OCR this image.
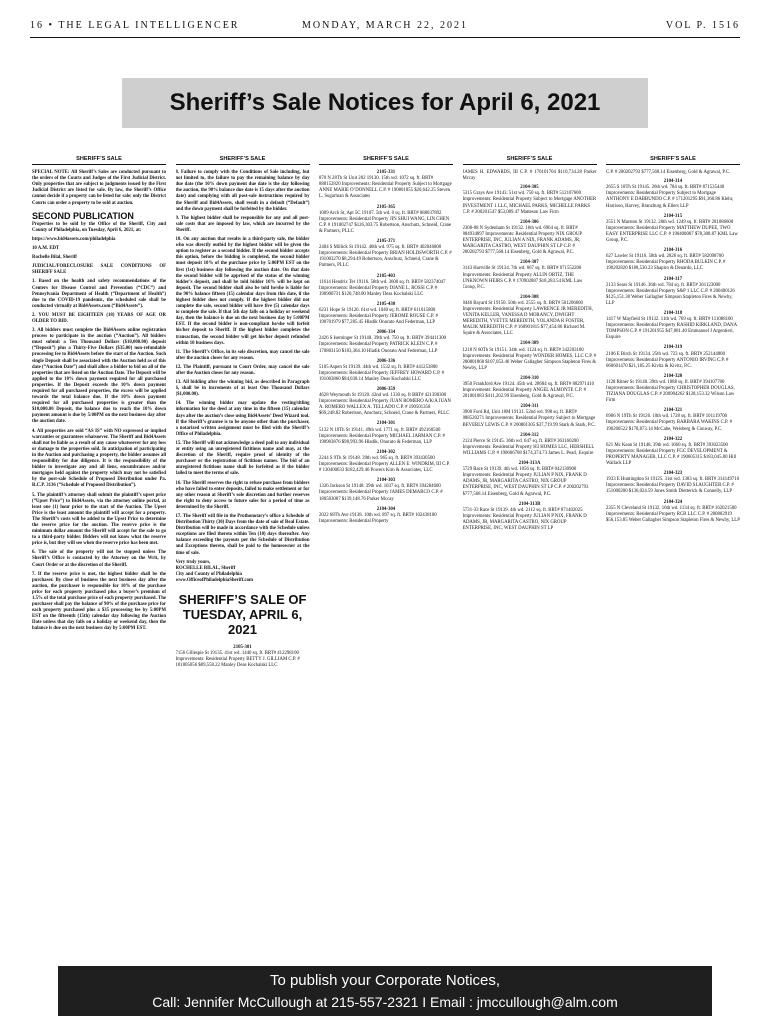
16 • THE LEGAL INTELLIGENCER	MONDAY, MARCH 22, 2021	VOL P. 1516
Sheriff’s Sale Notices for April 6, 2021
SHERIFF’S SALE

SPECIAL NOTE: All Sheriff’s Sales are conducted pursuant to the orders of the Courts and Judges of the First Judicial District. Only properties that are subject to judgments issued by the First Judicial District are listed for sale. By law, the Sheriff’s Office cannot decide if a property can be listed for sale; only the District Courts can order a property to be sold at auction.

SECOND PUBLICATION

Properties to be sold by the Office of the Sheriff, City and County of Philadelphia, on Tuesday, April 6, 2021, at:

https://www.bid4assets.com/philadelphia

10 A.M. EDT

Rochelle Bilal, Sheriff

JUDICIAL/FORECLOSURE SALE CONDITIONS OF SHERIFF SALE

1. Based on the health and safety recommendations of the Centers for Disease Control and Prevention (“CDC”) and Pennsylvania Department of Health (“Department of Health”) due to the COVID-19 pandemic, the scheduled sale shall be conducted virtually at Bid4Assets.com (“Bid4Assets”).

2. YOU MUST BE EIGHTEEN (18) YEARS OF AGE OR OLDER TO BID.

3. All bidders must complete the Bid4Assets online registration process to participate in the auction (“Auction”). All bidders must submit a Ten Thousand Dollars ($10,000.00) deposit (“Deposit”) plus a Thirty-Five Dollars ($35.00) non-refundable processing fee to Bid4Assets before the start of the Auction. Such single Deposit shall be associated with the Auction held as of this date (“Auction Date”) and shall allow a bidder to bid on all of the properties that are listed on the Auction Date. The Deposit will be applied to the 10% down payment required for all purchased properties. If the Deposit exceeds the 10% down payment required for all purchased properties, the excess will be applied towards the total balance due. If the 10% down payment required for all purchased properties is greater than the $10,000.00 Deposit, the balance due to reach the 10% down payment amount is due by 5:00PM on the next business day after the auction date.

4. All properties are sold “AS IS” with NO expressed or implied warranties or guarantees whatsoever. The Sheriff and Bid4Assets shall not be liable as a result of any cause whatsoever for any loss or damage to the properties sold. In anticipation of participating in the Auction and purchasing a property, the bidder assumes all responsibility for due diligence. It is the responsibility of the bidder to investigate any and all liens, encumbrances and/or mortgages held against the property which may not be satisfied by the post-sale Schedule of Proposed Distribution under Pa. R.C.P. 3136 (“Schedule of Proposed Distribution”).

5. The plaintiff’s attorney shall submit the plaintiff’s upset price (“Upset Price”) to Bid4Assets, via the attorney online portal, at least one (1) hour prior to the start of the Auction. The Upset Price is the least amount the plaintiff will accept for a property. The Sheriff’s costs will be added to the Upset Price to determine the reserve price for the auction. The reserve price is the minimum dollar amount the Sheriff will accept for the sale to go to a third-party bidder. Bidders will not know what the reserve price is, but they will see when the reserve price has been met.

6. The sale of the property will not be stopped unless The Sheriff’s Office is contacted by the Attorney on the Writ, by Court Order or at the discretion of the Sheriff.

7. If the reserve price is met, the highest bidder shall be the purchaser. By close of business the next business day after the auction, the purchaser is responsible for 10% of the purchase price for each property purchased plus a buyer’s premium of 1.5% of the total purchase price of each property purchased. The purchaser shall pay the balance of 90% of the purchase price for each property purchased plus a $35 processing fee by 5:00PM EST on the fifteenth (15th) calendar day following the Auction Date unless that day falls on a holiday or weekend day, then the balance is due on the next business day by 5:00PM EST.

SHERIFF’S SALE

8. Failure to comply with the Conditions of Sale including, but not limited to, the failure to pay the remaining balance by day due date (the 10% down payment due date is the day following the auction, the 90% balance due date is 15 days after the auction date) and complying with all post-sale instructions required by the Sheriff and Bid4Assets, shall result in a default (“Default”) and the down payment shall be forfeited by the bidder.

9. The highest bidder shall be responsible for any and all post-sale costs that are imposed by law, which are incurred by the Sheriff.

10. On any auction that results in a third-party sale, the bidder who was directly outbid by the highest bidder will be given the option to register as a second bidder. If the second bidder accepts this option, before the bidding is completed, the second bidder must deposit 10% of the purchase price by 5:00PM EST on the first (1st) business day following the auction date. On that date the second bidder will be apprised of the status of the winning bidder’s deposit, and shall be told bidder 10% will be kept on deposit. The second bidder shall also be told he/she is liable for the 90% balance fifteen (15) calendar days from this date, if the highest bidder does not comply. If the highest bidder did not complete the sale, second bidder will have five (5) calendar days to complete the sale. If that 5th day falls on a holiday or weekend day, then the balance is due on the next business day by 5:00PM EST. If the second bidder is non-compliant he/she will forfeit his/her deposit to Sheriff. If the highest bidder completes the transaction, the second bidder will get his/her deposit refunded within 10 business days.

11. The Sheriff’s Office, in its sole discretion, may cancel the sale after the auction closes for any reason.

12. The Plaintiff, pursuant to Court Order, may cancel the sale after the Auction closes for any reason.

13. All bidding after the winning bid, as described in Paragraph 6, shall be in increments of at least One Thousand Dollars ($1,000.00).

14. The winning bidder may update the vesting/titling information for the deed at any time in the fifteen (15) calendar days after the auction’s close using Bid4Assets’ Deed Wizard tool. If the Sheriff’s grantee is to be anyone other than the purchaser, a notarized written assignment must be filed with the Sheriff’s Office of Philadelphia.

15. The Sheriff will not acknowledge a deed poll to any individual or entity using an unregistered fictitious name and may, at the discretion of the Sheriff, require proof of identity of the purchaser or the registration of fictitious names. The bid of an unregistered fictitious name shall be forfeited as if the bidder failed to meet the terms of sale.

16. The Sheriff reserves the right to refuse purchase from bidders who have failed to enter deposits, failed to make settlement or for any other reason at Sheriff’s sole discretion and further reserves the right to deny access to future sales for a period of time as determined by the Sheriff.

17. The Sheriff will file in the Prothonotary’s office a Schedule of Distribution Thirty (30) Days from the date of sale of Real Estate. Distribution will be made in accordance with the Schedule unless exceptions are filed thereto within Ten (10) days thereafter. Any balance exceeding the payouts per the Schedule of Distribution and Exceptions thereto, shall be paid to the homeowner at the time of sale.

Very truly yours,

ROCHELLE BILAL, Sheriff

City and County of Philadelphia

www.OfficeofPhiladelphiaSheriff.com

SHERIFF’S SALE OF TUESDAY, APRIL 6, 2021
2105-301
7156 Gillespie St 19135. 41st wd. 1440 sq. ft. BRT# 412298100 Improvements: Residential Property BETTY J. GILLIAM C.P. # 181005056 $89,558.22 Manley Deas Kochalski LLC
SHERIFF’S SALE
2105-331
870 N 28Th St Unit 202 19130. 15th wd. 1072 sq. ft. BRT# 888152820 Improvements: Residential Property Subject to Mortgage ANNE MARIE O’DONNELL C.P. # 190801855 $20,642.25 Steven L. Sugarman & Associates
2105-365
1009 Arch St, Apt 5C 19107. 5th wd. 0 sq. ft. BRT# 888037892 Improvements: Residential Property JIN SHUI WANG, LIN CHEN C.P. # 191002747 $126,303.75 Robertson, Anschutz, Schneid, Crane & Partners, PLLC
2105-371
2404 S Millick St 19142. 40th wd. 975 sq. ft. BRT# 402046800 Improvements: Residential Property BRIAN HOLDSWORTH C.P. # 191003270 $8,294.49 Robertson, Anschutz, Schneid, Crane & Partners, PLLC
2105-403
11614 Hendrix Ter 19116. 58th wd. 3600 sq. ft. BRT# 582374047 Improvements: Residential Property DIANE L. ROSSI C.P. # 190900731 $120,748.00 Manley Deas Kochalski LLC
2105-430
6231 Hope St 19120. 61st wd. 1040 sq. ft. BRT# 611015800 Improvements: Residential Property JEROME ROUSE C.P. # 190701979 $77,285.45 Hladik Onorato And Federman, LLP
2006-334
2426 S Iseminger St 19148. 39th wd. 750 sq. ft. BRT# 394411300 Improvements: Residential Property PATRICK KLEIN C.P. # 170803150 $183,364.10 Hladik Onorato And Federman, LLP
2006-336
5105 Aspen St 19139. 44th wd. 1532 sq. ft. BRT# 441253800 Improvements: Residential Property JEFFREY HOWARD C.P. # 191003860 $84,038.14 Manley Deas Kochalski LLC
2006-359
4628 Weymouth St 19120. 42nd wd. 1330 sq. ft BRT# 421390300 Improvements: Residential Property JUAN ROMERO A/K/A JUAN A. ROMERO WALLEX A. TELLADO C.P. # 190501358 $69,248.82 Robertson, Anschutz, Schneid, Crane & Partners, PLLC
2104-301
5132 N 10Th St 19141. 49th wd. 1771 sq. ft. BRT# 492160500 Improvements: Residential Property MICHAEL JARMAN C.P. # 190903876 $98,993.96 Hladik, Onorato & Federman, LLP
2104-302
2244 S 9Th St 19148. 39th wd. 965 sq. ft. BRT# 393430500 Improvements: Residential Property ALLEN E. WINDRIM, III C.P. # 130400633 $182,429.46 Powers Kirn & Associates, LLC
2104-303
1336 Jackson St 19148. 39th wd. 1037 sq. ft. BRT# 394284600 Improvements: Residential Property JAMES DEMARCO C.P. # 180503087 $139,148.76 Parker Mccay
2104-304
2022 68Th Ave 19138. 10th wd. 897 sq. ft. BRT# 102438100 Improvements: Residential Property
SHERIFF’S SALE

JAMES H. EDWARDS, III C.P. # 170101704 $110,734.28 Parker Mccay

2104-305
5315 Grays Ave 19143. 51st wd. 750 sq. ft. BRT# 512107600 Improvements: Residential Property Subject to Mortgage ANOTHER INVESTMENT 1 LLC, MICHAEL PARKS, MICHELLE PARKS C.P. # 200201547 $53,089.47 Matteson Law Firm
2104-306
2300-08 N Sydenham St 19132. 16th wd. 6964 sq. ft. BRT# 884934897 Improvements: Residential Property NIX GROUP ENTERPRISE, INC, JULIAN A NIX, FRANK ADAMS, JR, MARGARITA CASTRO, WEST DAUPHIN ST LP C.P. # 200202793 $777,568.14 Eisenberg, Gold & Agrawal, P.C.
2104-307
3143 Hartville St 19134. 7th wd. 667 sq. ft. BRT# 071552200 Improvements: Residential Property ALLIN ORTIZ, THE UNKNOWN HEIRS C.P. # 170902887 $18,283.54 KML Law Group, P.C.
2104-308
8446 Bayard St 19150. 50th wd. 2555 sq. ft. BRT# 501206600 Improvements: Residential Property LAWRENCE JR MEREDITH, VENITA KELLER, VANESSA D MORANCY, DWIGHT MEREDITH, YVETTE MEREDITH, YOLANDA R FOSTER, MALIK MEREDITH C.P. # 160901815 $77,454.86 Richard M. Squire & Associates, LLC
2104-309
1218 N 60Th St 19151. 34th wd. 1124 sq. ft. BRT# 342203100 Improvements: Residential Property WONDER HOMES, LLC C.P. # 200801868 $107,053.46 Weber Gallagher Simpson Stapleton Fires & Newby, LLP
2104-310
3950 Frankford Ave 19124. 45th wd. 28684 sq. ft. BRT# 882971410 Improvements: Residential Property ANGEL ALMONTE C.P. # 201001083 $411,202.99 Eisenberg, Gold & Agrawal, P.C.
2104-311
3900 Ford Rd, Unit 18M 19131. 52nd wd. 998 sq. ft. BRT# 888520271 Improvements: Residential Property Subject to Mortgage BEVERLY LEWIS C.P. # 200801305 $37,719.99 Stark & Stark, P.C.
2104-312
2124 Pierce St 19145. 36th wd. 647 sq. ft. BRT# 363160200 Improvements: Residential Property H3 HOMES LLC, HERSHELL WILLIAMS C.P. # 190606708 $174,374.73 James L. Pearl, Esquire
2104-313A
5729 Race St 19139. 4th wd. 1056 sq. ft. BRT# 042130900 Improvements: Residential Property JULIAN P NIX, FRANK D ADAMS, JR, MARGARITA CASTRO, NIX GROUP ENTERPRISE, INC, WEST DAUPHIN ST LP C.P. # 200202793 $777,568.14 Eisenberg, Gold & Agrawal, P.C.
2104-313B
5731-33 Race St 19139. 4th wd. 2112 sq. ft. BRT# 871402025 Improvements: Residential Property JULIAN P NIX, FRANK D ADAMS, JR, MARGARITA CASTRO, NIX GROUP ENTERPRISE, INC, WEST DAUPHIN ST LP
SHERIFF’S SALE

C.P. # 200202793 $777,568.14 Eisenberg, Gold & Agrawal, P.C.

2104-314
2655 S 18Th St 19145. 26th wd. 784 sq. ft. BRT# 871535440 Improvements: Residential Property Subject to Mortgage ANTHONY E DABBUNDO C.P. # 171201295 $91,360.86 Klehr, Harrison, Harvey, Branzburg & Ellers LLP
2104-315
2551 N Marston St 19132. 28th wd. 1249 sq. ft. BRT# 281086600 Improvements: Residential Property MATTHEW DUPEE, TWO EASY ENTERPRISE LLC C.P. # 190400007 $78,308.87 KML Law Group, P.C.
2104-316
627 Lawler St 19116. 58th wd. 2826 sq. ft. BRT# 582098700 Improvements: Residential Property RHODA BULKIN C.P. # 190202820 $188,530.23 Shapiro & Denardo, LLC
2104-317
2133 Sears St 19146. 36th wd. 784 sq. ft. BRT# 361123000 Improvements: Residential Property S&P 1 LLC C.P. # 200400126 $125,151.38 Weber Gallagher Simpson Stapleton Fires & Newby, LLP
2104-318
1417 W Mayfield St 19132. 11th wd. 769 sq. ft. BRT# 111088100 Improvements: Residential Property RASHID KIRKLAND, DANA TOMPSON C.P. # 191201955 $47,081.40 Emmanuel J Argentieri, Esquire
2104-319
2106 E Birch St 19134. 25th wd. 723 sq. ft. BRT# 252144800 Improvements: Residential Property ANTONIO IRVING C.P. # 060601470 $21,185.25 Kivitz & Kivitz, P.C.
2104-320
1128 Ritner St 19148. 39th wd. 1088 sq. ft. BRT# 394107700 Improvements: Residential Property CHRISTOPHER DOUGLAS, TIZIANA DOUGLAS C.P. # 200904262 $128,153.32 Wilson Law Firm
2104-321
6906 N 19Th St 19126. 10th wd. 1728 sq. ft. BRT# 101119700 Improvements: Residential Property BARBARA WAKINS C.P. # 190200522 $178,873.14 McCabe, Weisberg & Conway, P.C.
2104-322
621 Mc Kean St 19148. 39th wd. 1660 sq. ft. BRT# 393023500 Improvements: Residential Property FGC DEVELOPMENT & PROPERTY MANAGER, LLC C.P. # 190605315 $183,045.80 Hill Wallack LLP
2104-323
1933 E Huntingdon St 19125. 31st wd. 1383 sq. ft. BRT# 314149710 Improvements: Residential Property DAVID SLAUGHTER C.P. # 151000200 $136,024.59 Jones Smith Dietterick & Connelly, LLP
2104-324
2355 N Cleveland St 19132. 16th wd. 1134 sq. ft. BRT# 162021500 Improvements: Residential Property RCB LLC C.P. # 200802919 $56,153.85 Weber Gallagher Simpson Stapleton Fires & Newby, LLP
To publish your Corporate Notices,
Call: Jennifer McCullough at 215-557-2321 I Email : jmccullough@alm.com
